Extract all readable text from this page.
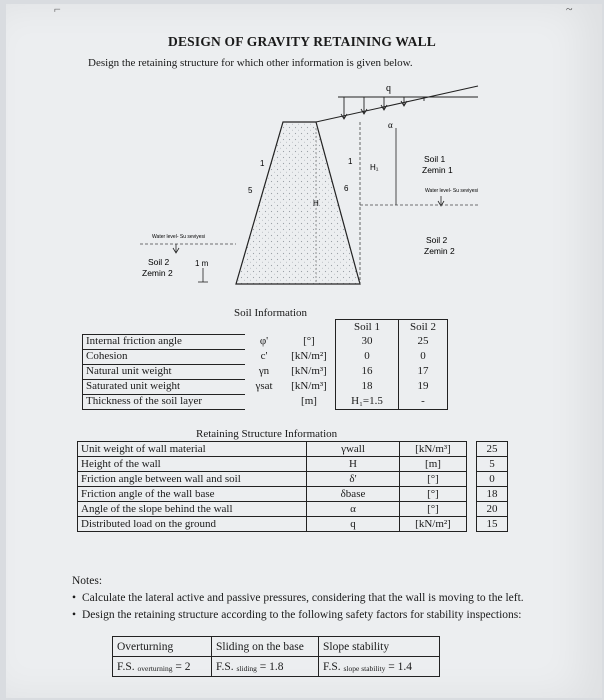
⌐	~
DESIGN OF GRAVITY RETAINING WALL
Design the retaining structure for which other information is given below.
q
α
H₁
H
1
5
1
6
Soil 1
Zemin 1
Water level- Su seviyesi
Soil 2
Zemin 2
Water level- Su seviyesi
Soil 2
Zemin 2
1 m
Soil Information
			Soil 1	Soil 2
Internal friction angle	φ'	[°]	30	25
Cohesion	c'	[kN/m²]	0	0
Natural unit weight	γn	[kN/m³]	16	17
Saturated unit weight	γsat	[kN/m³]	18	19
Thickness of the soil layer		[m]	H₁=1.5	-
Retaining Structure Information
Unit weight of wall material	γwall	[kN/m³]		25
Height of the wall	H	[m]		5
Friction angle between wall and soil	δ'	[°]		0
Friction angle of the wall base	δbase	[°]		18
Angle of the slope behind the wall	α	[°]		20
Distributed load on the ground	q	[kN/m²]		15
Notes:
• Calculate the lateral active and passive pressures, considering that the wall is moving to the left.
• Design the retaining structure according to the following safety factors for stability inspections:
Overturning	Sliding on the base	Slope stability
F.S. $_{overturning}$ = 2	F.S. $_{sliding}$ = 1.8	F.S. $_{slope stability}$ = 1.4
